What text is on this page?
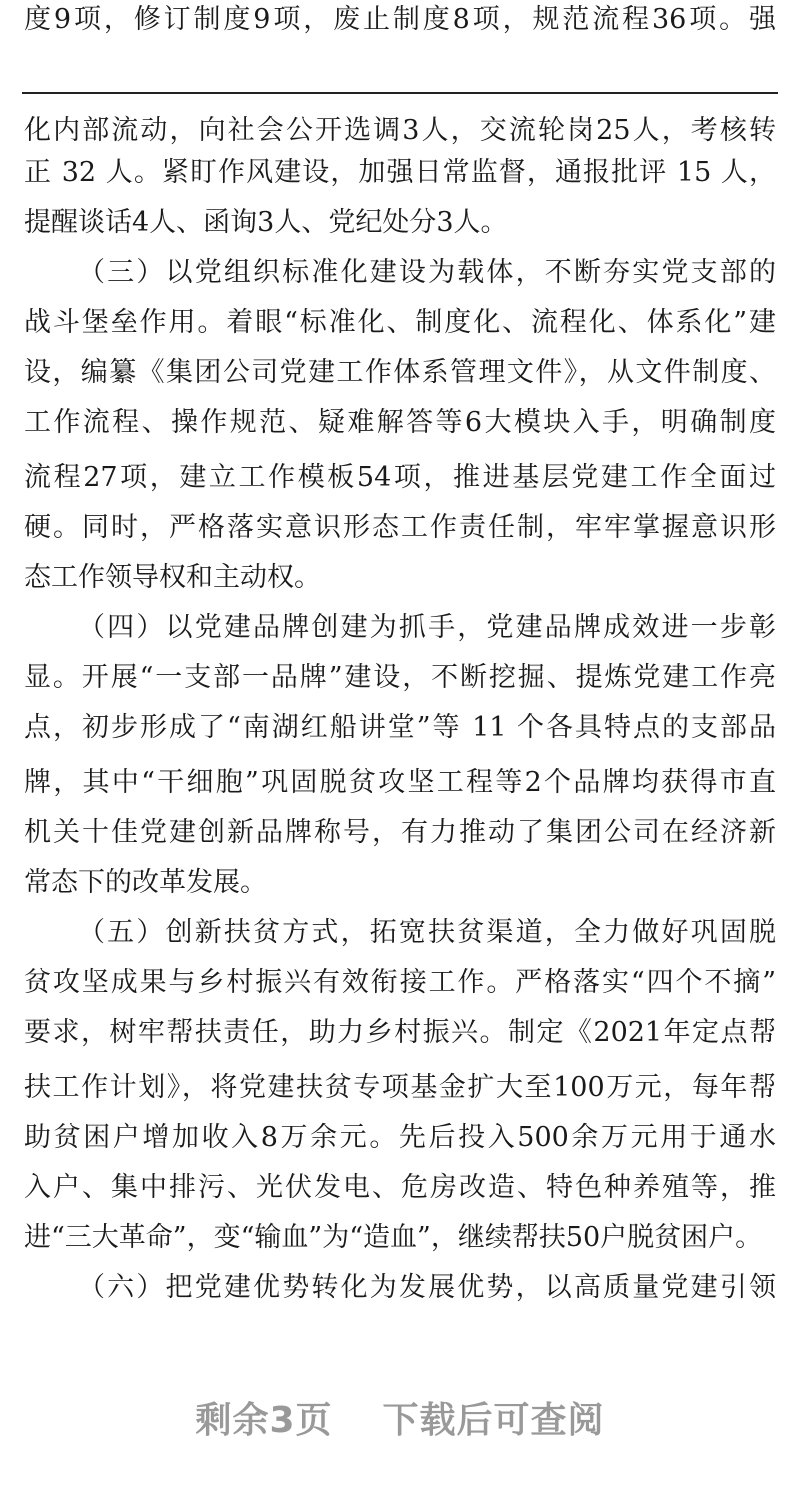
度9项，修订制度9项，废止制度8项，规范流程36项。强
化内部流动，向社会公开选调3人，交流轮岗25人，考核转
正 32 人。紧盯作风建设，加强日常监督，通报批评 15 人，
提醒谈话4人、函询3人、党纪处分3人。
（三）以党组织标准化建设为载体，不断夯实党支部的
战斗堡垒作用。着眼“标准化、制度化、流程化、体系化”建
设，编纂《集团公司党建工作体系管理文件》，从文件制度、
工作流程、操作规范、疑难解答等6大模块入手，明确制度
流程27项，建立工作模板54项，推进基层党建工作全面过
硬。同时，严格落实意识形态工作责任制，牢牢掌握意识形
态工作领导权和主动权。
（四）以党建品牌创建为抓手，党建品牌成效进一步彰
显。开展“一支部一品牌”建设，不断挖掘、提炼党建工作亮
点，初步形成了“南湖红船讲堂”等 11 个各具特点的支部品
牌，其中“干细胞”巩固脱贫攻坚工程等2个品牌均获得市直
机关十佳党建创新品牌称号，有力推动了集团公司在经济新
常态下的改革发展。
（五）创新扶贫方式，拓宽扶贫渠道，全力做好巩固脱
贫攻坚成果与乡村振兴有效衔接工作。严格落实“四个不摘”
要求，树牢帮扶责任，助力乡村振兴。制定《2021年定点帮
扶工作计划》，将党建扶贫专项基金扩大至100万元，每年帮
助贫困户增加收入8万余元。先后投入500余万元用于通水
入户、集中排污、光伏发电、危房改造、特色种养殖等，推
进“三大革命”，变“输血”为“造血”，继续帮扶50户脱贫困户。
（六）把党建优势转化为发展优势，以高质量党建引领
剩余3页 下载后可查阅
